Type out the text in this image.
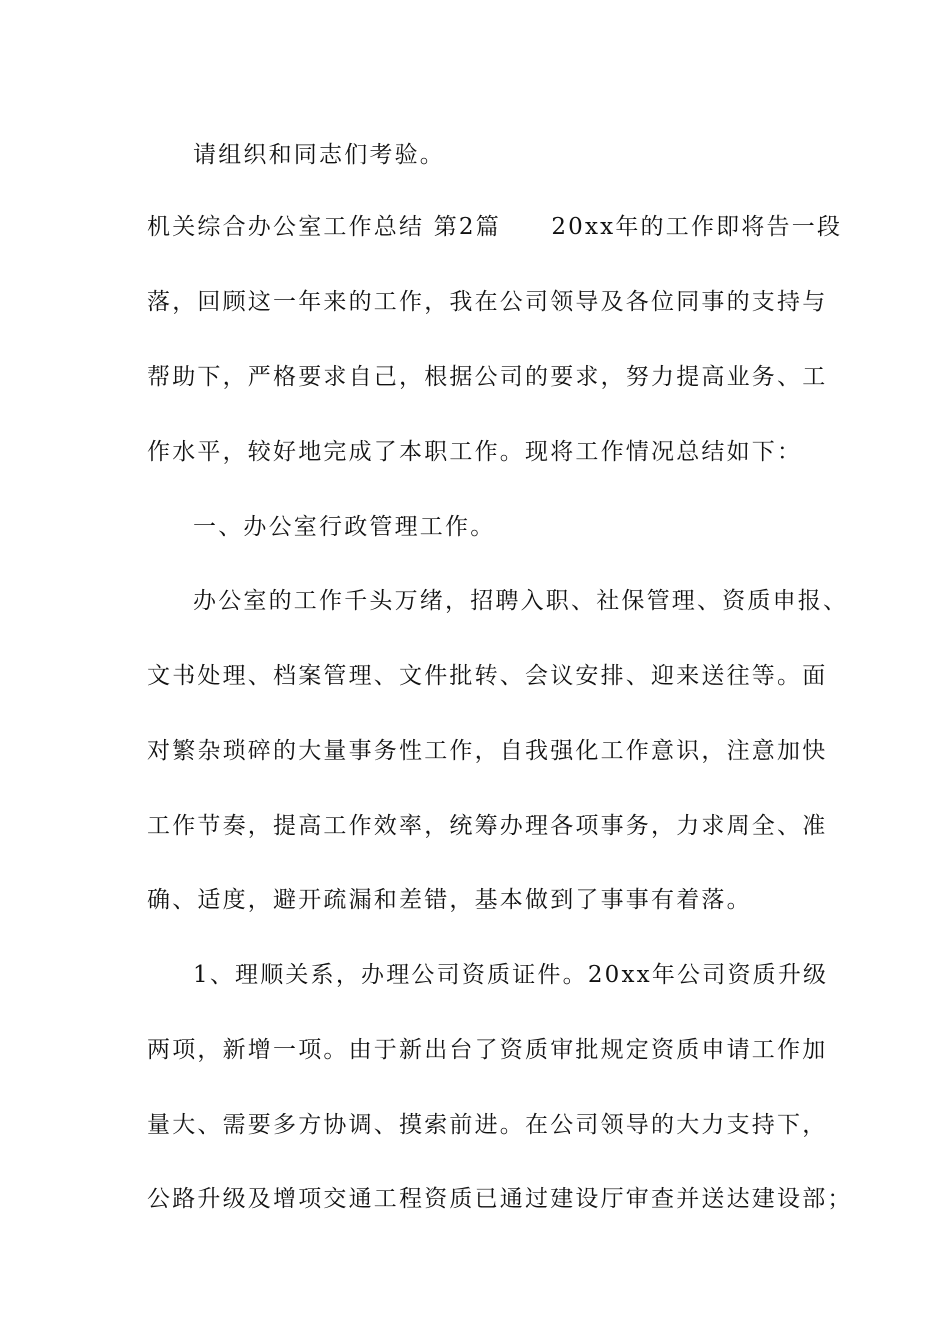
请组织和同志们考验。
机关综合办公室工作总结 第2篇　　20xx年的工作即将告一段
落，回顾这一年来的工作，我在公司领导及各位同事的支持与
帮助下，严格要求自己，根据公司的要求，努力提高业务、工
作水平，较好地完成了本职工作。现将工作情况总结如下：
一、办公室行政管理工作。
办公室的工作千头万绪，招聘入职、社保管理、资质申报、
文书处理、档案管理、文件批转、会议安排、迎来送往等。面
对繁杂琐碎的大量事务性工作，自我强化工作意识，注意加快
工作节奏，提高工作效率，统筹办理各项事务，力求周全、准
确、适度，避开疏漏和差错，基本做到了事事有着落。
1、理顺关系，办理公司资质证件。20xx年公司资质升级
两项，新增一项。由于新出台了资质审批规定资质申请工作加
量大、需要多方协调、摸索前进。在公司领导的大力支持下，
公路升级及增项交通工程资质已通过建设厅审查并送达建设部；
